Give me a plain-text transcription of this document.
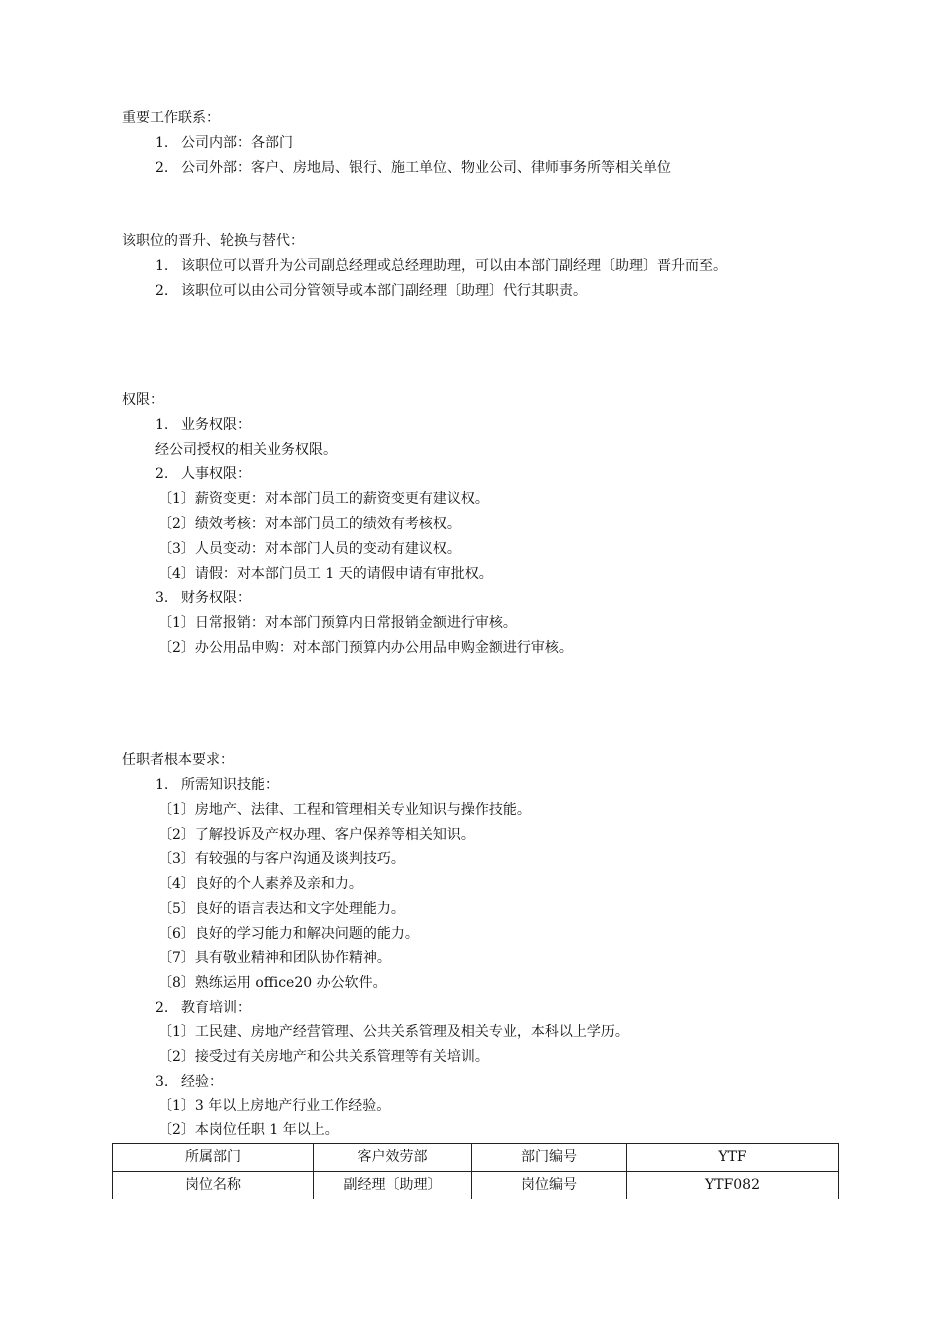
重要工作联系：
1. 公司内部：各部门
2. 公司外部：客户、房地局、银行、施工单位、物业公司、律师事务所等相关单位
该职位的晋升、轮换与替代：
1. 该职位可以晋升为公司副总经理或总经理助理，可以由本部门副经理〔助理〕晋升而至。
2. 该职位可以由公司分管领导或本部门副经理〔助理〕代行其职责。
权限：
1. 业务权限：
经公司授权的相关业务权限。
2. 人事权限：
〔1〕薪资变更：对本部门员工的薪资变更有建议权。
〔2〕绩效考核：对本部门员工的绩效有考核权。
〔3〕人员变动：对本部门人员的变动有建议权。
〔4〕请假：对本部门员工 1 天的请假申请有审批权。
3. 财务权限：
〔1〕日常报销：对本部门预算内日常报销金额进行审核。
〔2〕办公用品申购：对本部门预算内办公用品申购金额进行审核。
任职者根本要求：
1. 所需知识技能：
〔1〕房地产、法律、工程和管理相关专业知识与操作技能。
〔2〕了解投诉及产权办理、客户保养等相关知识。
〔3〕有较强的与客户沟通及谈判技巧。
〔4〕良好的个人素养及亲和力。
〔5〕良好的语言表达和文字处理能力。
〔6〕良好的学习能力和解决问题的能力。
〔7〕具有敬业精神和团队协作精神。
〔8〕熟练运用 office20 办公软件。
2. 教育培训：
〔1〕工民建、房地产经营管理、公共关系管理及相关专业，本科以上学历。
〔2〕接受过有关房地产和公共关系管理等有关培训。
3. 经验：
〔1〕3 年以上房地产行业工作经验。
〔2〕本岗位任职 1 年以上。
所属部门	客户效劳部	部门编号	YTF
岗位名称	副经理〔助理〕	岗位编号	YTF082
